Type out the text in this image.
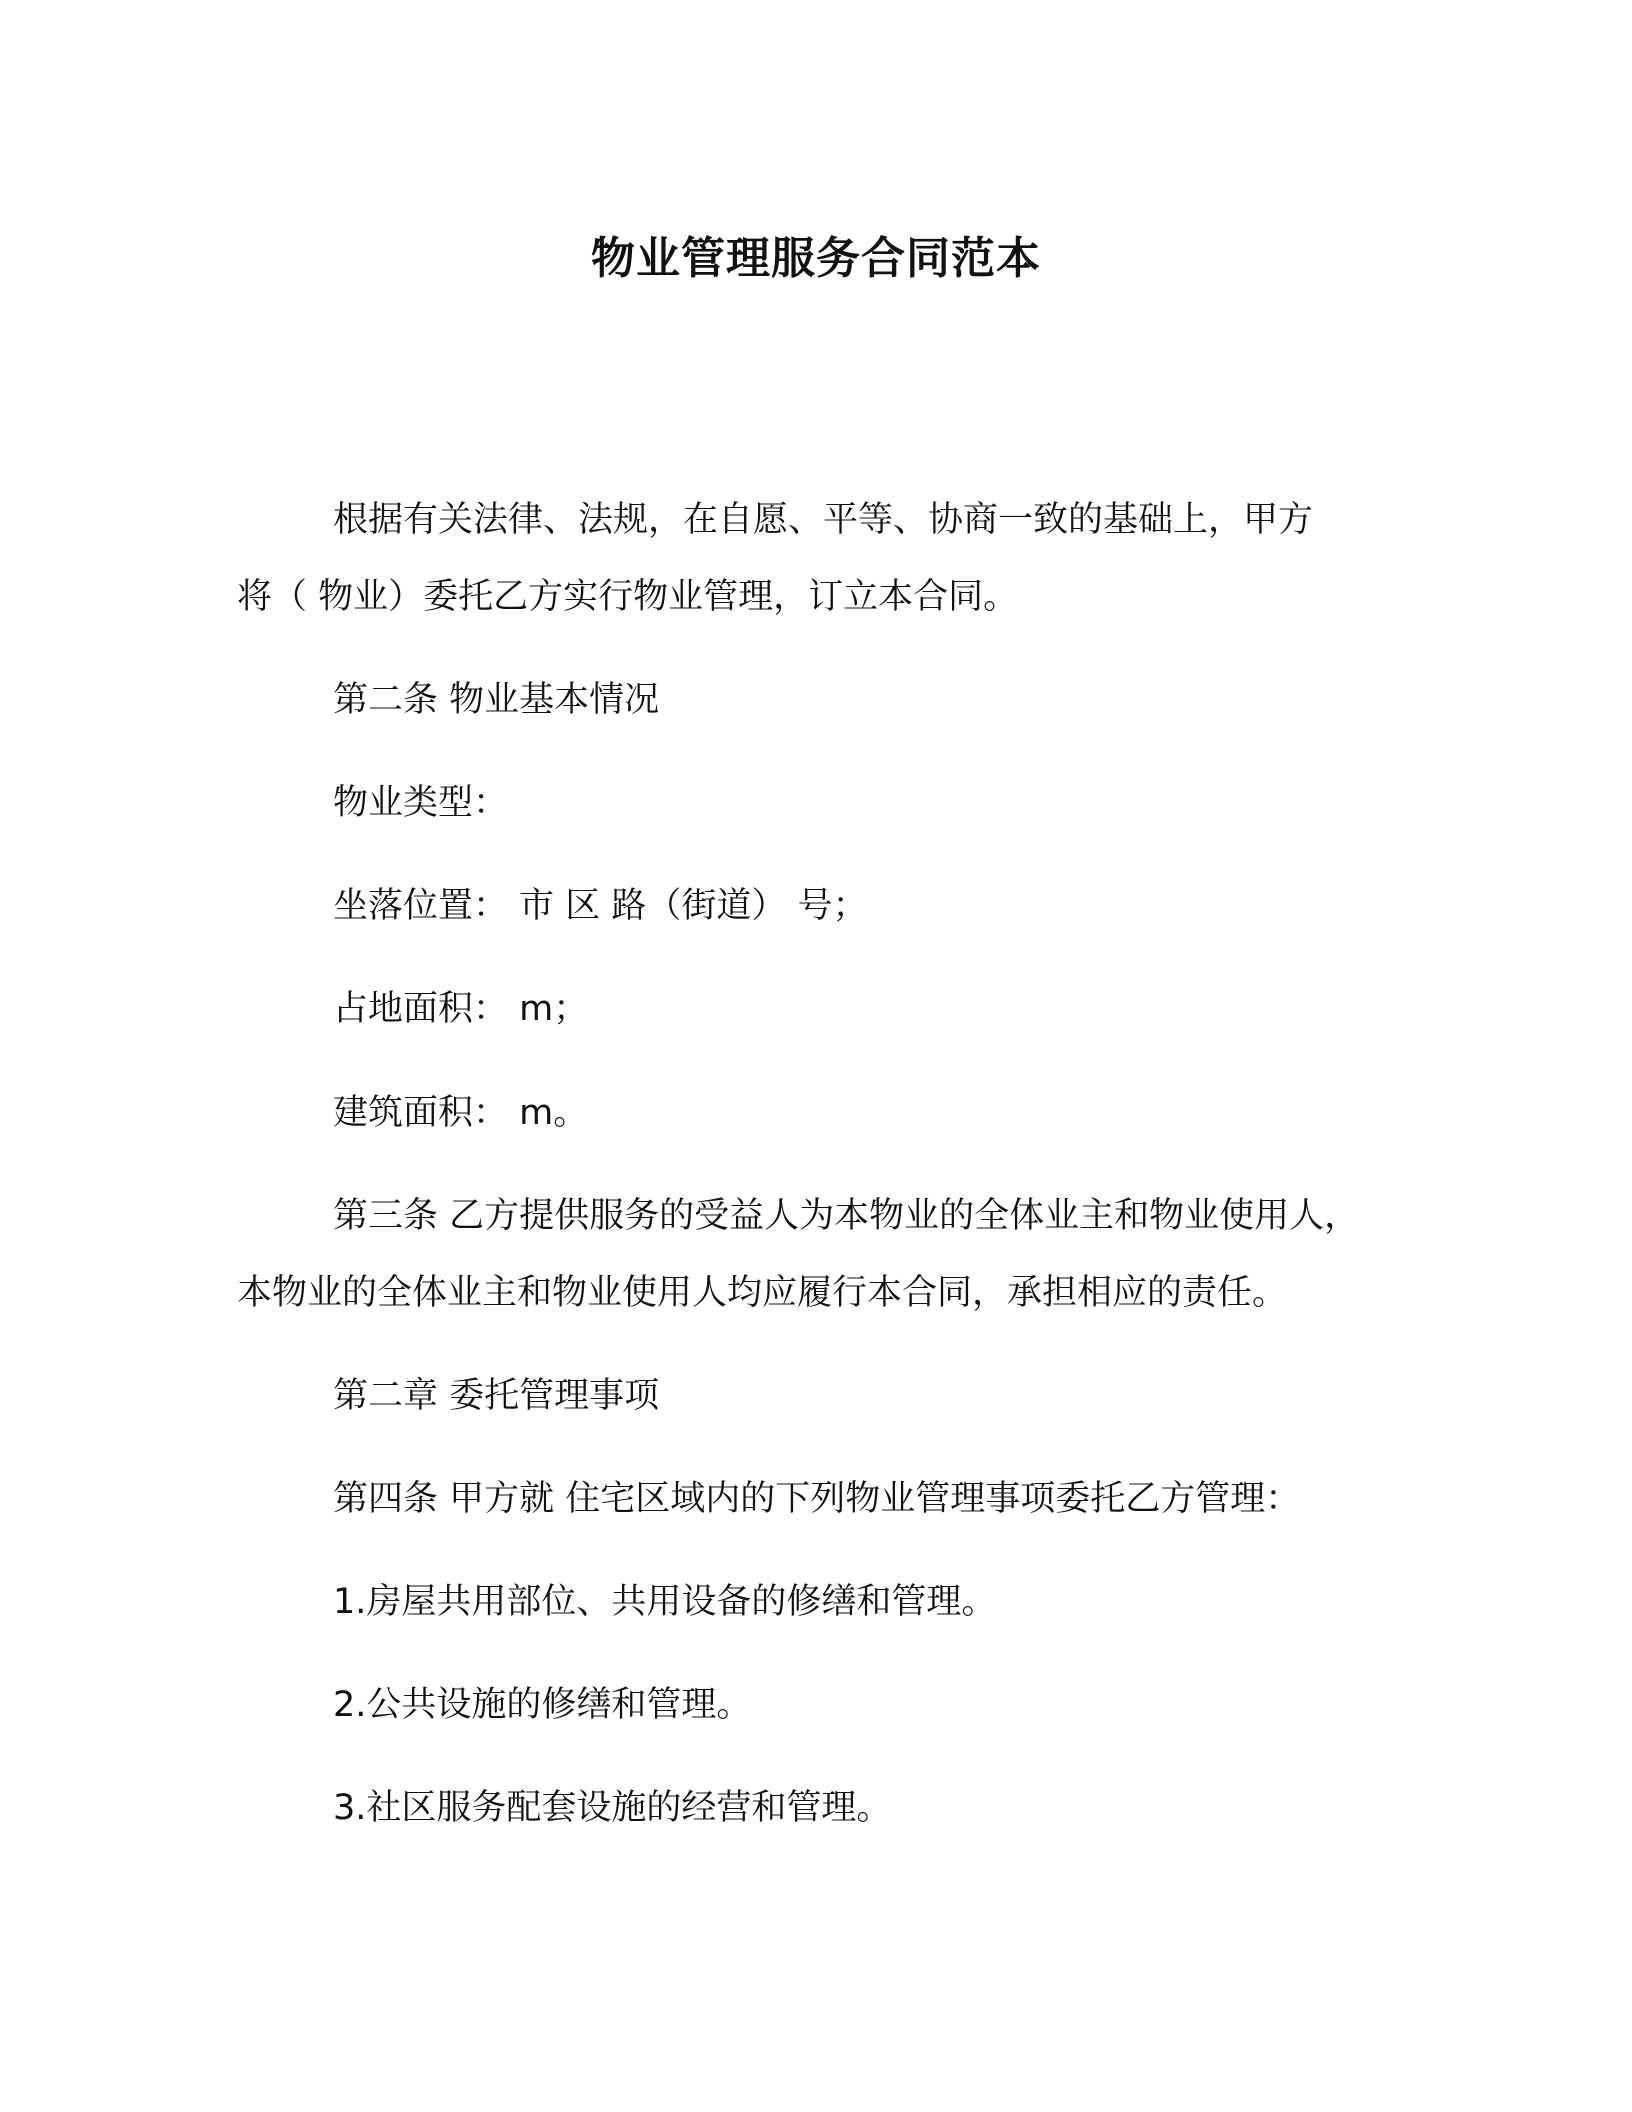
物业管理服务合同范本

根据有关法律、法规，在自愿、平等、协商一致的基础上，甲方

将（ 物业）委托乙方实行物业管理，订立本合同。

第二条 物业基本情况

物业类型：

坐落位置： 市 区 路（街道） 号；

占地面积： m；

建筑面积： m。

第三条 乙方提供服务的受益人为本物业的全体业主和物业使用人，

本物业的全体业主和物业使用人均应履行本合同，承担相应的责任。

第二章 委托管理事项

第四条 甲方就 住宅区域内的下列物业管理事项委托乙方管理：

1.房屋共用部位、共用设备的修缮和管理。

2.公共设施的修缮和管理。

3.社区服务配套设施的经营和管理。
